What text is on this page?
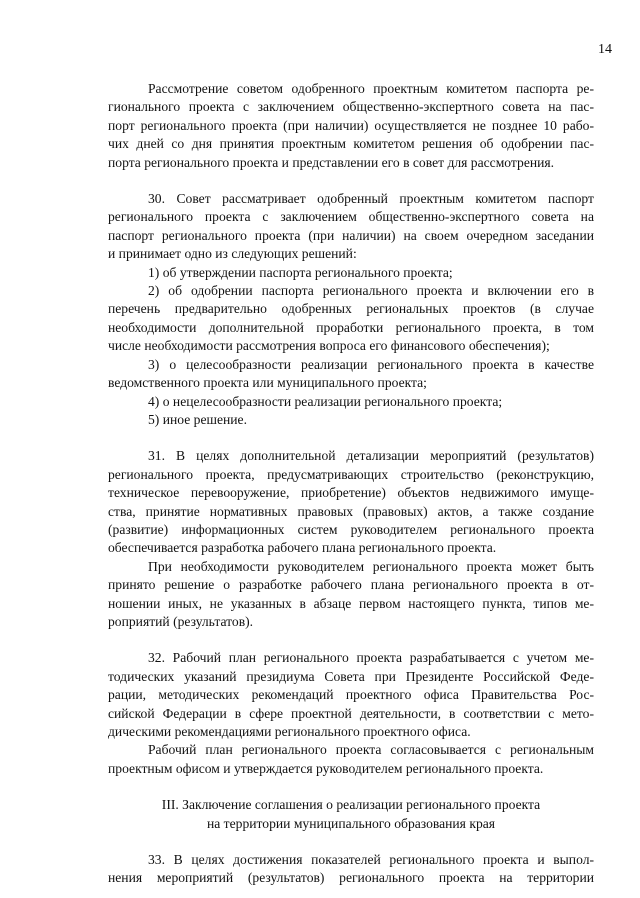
14

Рассмотрение советом одобренного проектным комитетом паспорта ре-

гионального проекта с заключением общественно-экспертного совета на пас-

порт регионального проекта (при наличии) осуществляется не позднее 10 рабо-

чих дней со дня принятия проектным комитетом решения об одобрении пас-

порта регионального проекта и представлении его в совет для рассмотрения.

30. Совет рассматривает одобренный проектным комитетом паспорт

регионального проекта с заключением общественно-экспертного совета на

паспорт регионального проекта (при наличии) на своем очередном заседании

и принимает одно из следующих решений:

1) об утверждении паспорта регионального проекта;

2) об одобрении паспорта регионального проекта и включении его в

перечень предварительно одобренных региональных проектов (в случае

необходимости дополнительной проработки регионального проекта, в том

числе необходимости рассмотрения вопроса его финансового обеспечения);

3) о целесообразности реализации регионального проекта в качестве

ведомственного проекта или муниципального проекта;

4) о нецелесообразности реализации регионального проекта;

5) иное решение.

31. В целях дополнительной детализации мероприятий (результатов)

регионального проекта, предусматривающих строительство (реконструкцию,

техническое перевооружение, приобретение) объектов недвижимого имуще-

ства, принятие нормативных правовых (правовых) актов, а также создание

(развитие) информационных систем руководителем регионального проекта

обеспечивается разработка рабочего плана регионального проекта.

При необходимости руководителем регионального проекта может быть

принято решение о разработке рабочего плана регионального проекта в от-

ношении иных, не указанных в абзаце первом настоящего пункта, типов ме-

роприятий (результатов).

32. Рабочий план регионального проекта разрабатывается с учетом ме-

тодических указаний президиума Совета при Президенте Российской Феде-

рации, методических рекомендаций проектного офиса Правительства Рос-

сийской Федерации в сфере проектной деятельности, в соответствии с мето-

дическими рекомендациями регионального проектного офиса.

Рабочий план регионального проекта согласовывается с региональным

проектным офисом и утверждается руководителем регионального проекта.

III. Заключение соглашения о реализации регионального проекта
на территории муниципального образования края

33. В целях достижения показателей регионального проекта и выпол-

нения мероприятий (результатов) регионального проекта на территории
